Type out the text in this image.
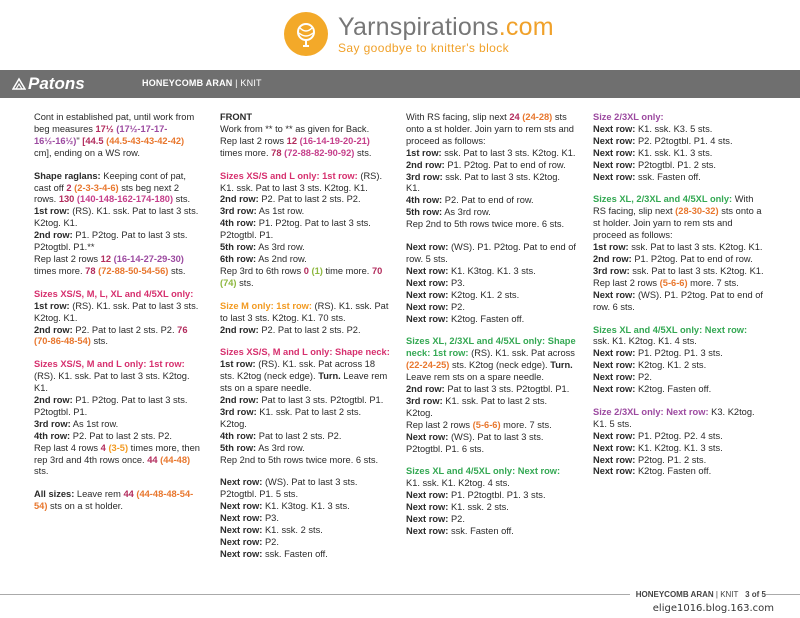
Yarnspirations.com
Say goodbye to knitter's block
Patons	HONEYCOMB ARAN | KNIT

Cont in established pat, until work from beg measures 17½ (17½-17-17-16½-16½)" [44.5 (44.5-43-43-42-42) cm], ending on a WS row.

Shape raglans: Keeping cont of pat, cast off 2 (2-3-3-4-6) sts beg next 2 rows. 130 (140-148-162-174-180) sts.
1st row: (RS). K1. ssk. Pat to last 3 sts. K2tog. K1.
2nd row: P1. P2tog. Pat to last 3 sts. P2togtbl. P1.**
Rep last 2 rows 12 (16-14-27-29-30) times more. 78 (72-88-50-54-56) sts.

Sizes XS/S, M, L, XL and 4/5XL only: 1st row: (RS). K1. ssk. Pat to last 3 sts. K2tog. K1.
2nd row: P2. Pat to last 2 sts. P2. 76 (70-86-48-54) sts.

Sizes XS/S, M and L only: 1st row: (RS). K1. ssk. Pat to last 3 sts. K2tog. K1.
2nd row: P1. P2tog. Pat to last 3 sts. P2togtbl. P1.
3rd row: As 1st row.
4th row: P2. Pat to last 2 sts. P2.
Rep last 4 rows 4 (3-5) times more, then rep 3rd and 4th rows once. 44 (44-48) sts.

All sizes: Leave rem 44 (44-48-48-54-54) sts on a st holder.

FRONT
Work from ** to ** as given for Back.
Rep last 2 rows 12 (16-14-19-20-21) times more. 78 (72-88-82-90-92) sts.

Sizes XS/S and L only: 1st row: (RS). K1. ssk. Pat to last 3 sts. K2tog. K1.
2nd row: P2. Pat to last 2 sts. P2.
3rd row: As 1st row.
4th row: P1. P2tog. Pat to last 3 sts. P2togtbl. P1.
5th row: As 3rd row.
6th row: As 2nd row.
Rep 3rd to 6th rows 0 (1) time more. 70 (74) sts.

Size M only: 1st row: (RS). K1. ssk. Pat to last 3 sts. K2tog. K1. 70 sts.
2nd row: P2. Pat to last 2 sts. P2.

Sizes XS/S, M and L only: Shape neck: 1st row: (RS). K1. ssk. Pat across 18 sts. K2tog (neck edge). Turn. Leave rem sts on a spare needle.
2nd row: Pat to last 3 sts. P2togtbl. P1.
3rd row: K1. ssk. Pat to last 2 sts. K2tog.
4th row: Pat to last 2 sts. P2.
5th row: As 3rd row.
Rep 2nd to 5th rows twice more. 6 sts.

Next row: (WS). Pat to last 3 sts. P2togtbl. P1. 5 sts.
Next row: K1. K3tog. K1. 3 sts.
Next row: P3.
Next row: K1. ssk. 2 sts.
Next row: P2.
Next row: ssk. Fasten off.

With RS facing, slip next 24 (24-28) sts onto a st holder. Join yarn to rem sts and proceed as follows:
1st row: ssk. Pat to last 3 sts. K2tog. K1.
2nd row: P1. P2tog. Pat to end of row.
3rd row: ssk. Pat to last 3 sts. K2tog. K1.
4th row: P2. Pat to end of row.
5th row: As 3rd row.
Rep 2nd to 5th rows twice more. 6 sts.

Next row: (WS). P1. P2tog. Pat to end of row. 5 sts.
Next row: K1. K3tog. K1. 3 sts.
Next row: P3.
Next row: K2tog. K1. 2 sts.
Next row: P2.
Next row: K2tog. Fasten off.

Sizes XL, 2/3XL and 4/5XL only: Shape neck: 1st row: (RS). K1. ssk. Pat across (22-24-25) sts. K2tog (neck edge). Turn. Leave rem sts on a spare needle.
2nd row: Pat to last 3 sts. P2togtbl. P1.
3rd row: K1. ssk. Pat to last 2 sts. K2tog.
Rep last 2 rows (5-6-6) more. 7 sts.
Next row: (WS). Pat to last 3 sts. P2togtbl. P1. 6 sts.

Sizes XL and 4/5XL only: Next row: K1. ssk. K1. K2tog. 4 sts.
Next row: P1. P2togtbl. P1. 3 sts.
Next row: K1. ssk. 2 sts.
Next row: P2.
Next row: ssk. Fasten off.

Size 2/3XL only:
Next row: K1. ssk. K3. 5 sts.
Next row: P2. P2togtbl. P1. 4 sts.
Next row: K1. ssk. K1. 3 sts.
Next row: P2togtbl. P1. 2 sts.
Next row: ssk. Fasten off.

Sizes XL, 2/3XL and 4/5XL only: With RS facing, slip next (28-30-32) sts onto a st holder. Join yarn to rem sts and proceed as follows:
1st row: ssk. Pat to last 3 sts. K2tog. K1.
2nd row: P1. P2tog. Pat to end of row.
3rd row: ssk. Pat to last 3 sts. K2tog. K1.
Rep last 2 rows (5-6-6) more. 7 sts.
Next row: (WS). P1. P2tog. Pat to end of row. 6 sts.

Sizes XL and 4/5XL only: Next row: ssk. K1. K2tog. K1. 4 sts.
Next row: P1. P2tog. P1. 3 sts.
Next row: K2tog. K1. 2 sts.
Next row: P2.
Next row: K2tog. Fasten off.

Size 2/3XL only: Next row: K3. K2tog. K1. 5 sts.
Next row: P1. P2tog. P2. 4 sts.
Next row: K1. K2tog. K1. 3 sts.
Next row: P2tog. P1. 2 sts.
Next row: K2tog. Fasten off.

HONEYCOMB ARAN | KNIT 3 of 5
elige1016.blog.163.com
